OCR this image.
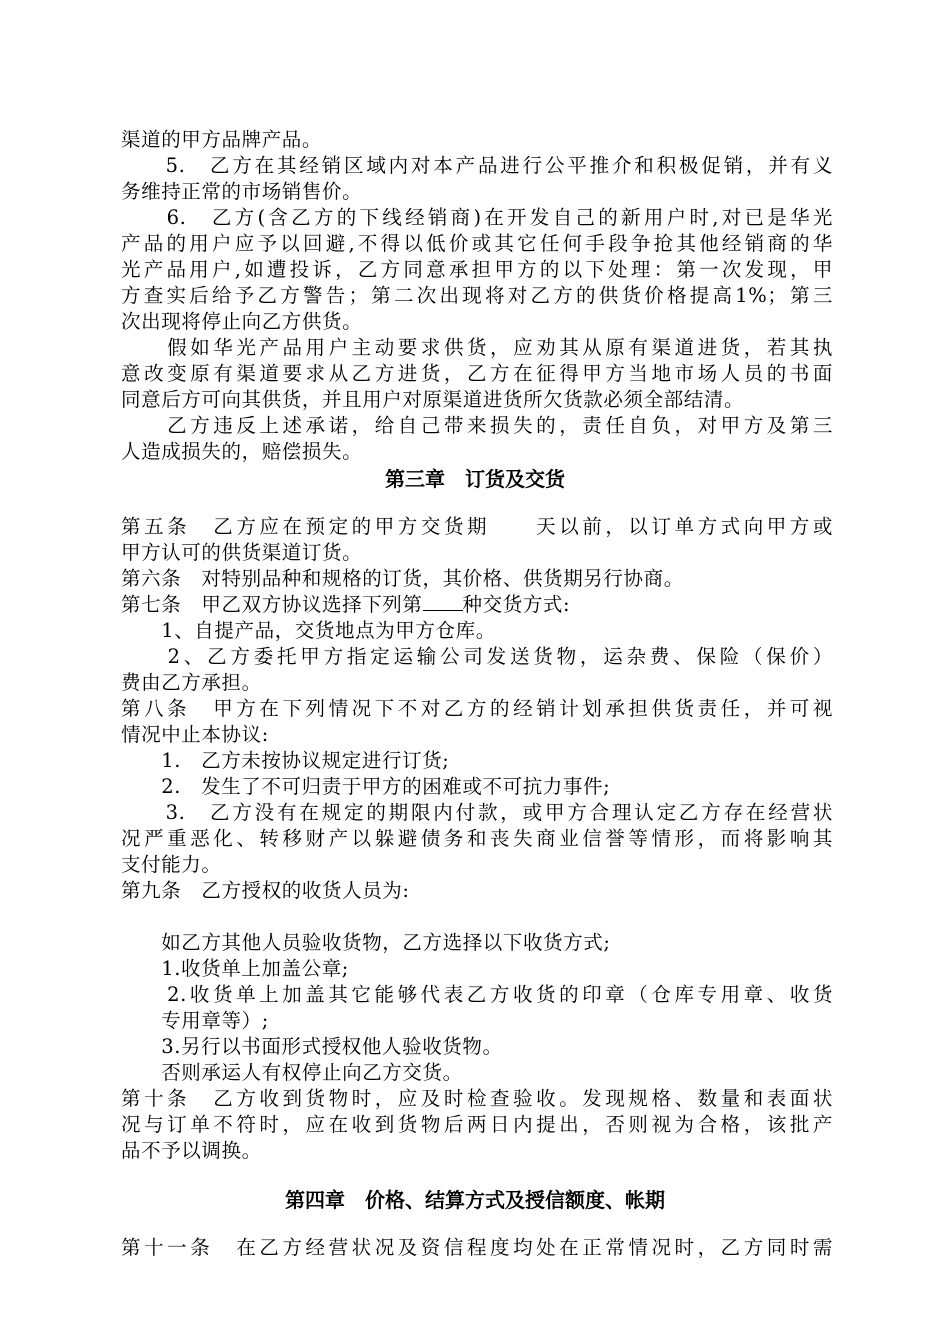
渠道的甲方品牌产品。
　　5.　乙方在其经销区域内对本产品进行公平推介和积极促销，并有义
务维持正常的市场销售价。
　　6.　乙方(含乙方的下线经销商)在开发自己的新用户时,对已是华光
产品的用户应予以回避,不得以低价或其它任何手段争抢其他经销商的华
光产品用户,如遭投诉，乙方同意承担甲方的以下处理：第一次发现，甲
方查实后给予乙方警告；第二次出现将对乙方的供货价格提高1%；第三
次出现将停止向乙方供货。
　　假如华光产品用户主动要求供货，应劝其从原有渠道进货，若其执
意改变原有渠道要求从乙方进货，乙方在征得甲方当地市场人员的书面
同意后方可向其供货，并且用户对原渠道进货所欠货款必须全部结清。
　　乙方违反上述承诺，给自己带来损失的，责任自负，对甲方及第三
人造成损失的，赔偿损失。
第三章　订货及交货
第五条　乙方应在预定的甲方交货期　　天以前，以订单方式向甲方或
甲方认可的供货渠道订货。
第六条　对特别品种和规格的订货，其价格、供货期另行协商。
第七条　甲乙双方协议选择下列第 种交货方式:
　　1、自提产品，交货地点为甲方仓库。
　　2、乙方委托甲方指定运输公司发送货物，运杂费、保险（保价）
费由乙方承担。
第八条　甲方在下列情况下不对乙方的经销计划承担供货责任，并可视
情况中止本协议:
　　1.　乙方未按协议规定进行订货;
　　2.　发生了不可归责于甲方的困难或不可抗力事件;
　　3.　乙方没有在规定的期限内付款，或甲方合理认定乙方存在经营状
况严重恶化、转移财产以躲避债务和丧失商业信誉等情形，而将影响其
支付能力。
第九条　乙方授权的收货人员为:
　　如乙方其他人员验收货物，乙方选择以下收货方式;
　　1.收货单上加盖公章;
　　2.收货单上加盖其它能够代表乙方收货的印章（仓库专用章、收货
　　专用章等）;
　　3.另行以书面形式授权他人验收货物。
　　否则承运人有权停止向乙方交货。
第十条　乙方收到货物时，应及时检查验收。发现规格、数量和表面状
况与订单不符时，应在收到货物后两日内提出，否则视为合格，该批产
品不予以调换。
第四章　价格、结算方式及授信额度、帐期
第十一条　在乙方经营状况及资信程度均处在正常情况时，乙方同时需
